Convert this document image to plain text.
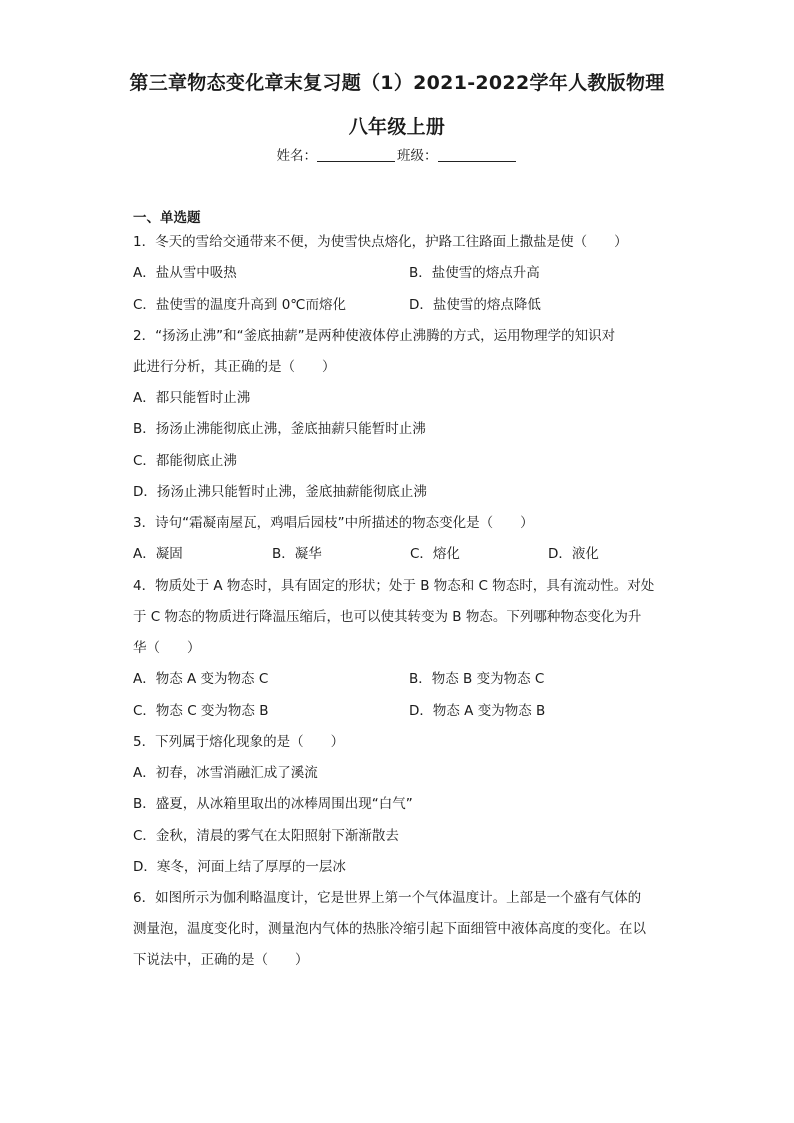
第三章物态变化章末复习题（1）2021-2022学年人教版物理
八年级上册
姓名：	班级：
一、单选题
1．冬天的雪给交通带来不便，为使雪快点熔化，护路工往路面上撒盐是使（　　）
A．盐从雪中吸热	B．盐使雪的熔点升高
C．盐使雪的温度升高到 0℃而熔化	D．盐使雪的熔点降低
2．“扬汤止沸”和“釜底抽薪”是两种使液体停止沸腾的方式，运用物理学的知识对
此进行分析，其正确的是（　　）
A．都只能暂时止沸
B．扬汤止沸能彻底止沸，釜底抽薪只能暂时止沸
C．都能彻底止沸
D．扬汤止沸只能暂时止沸，釜底抽薪能彻底止沸
3．诗句“霜凝南屋瓦，鸡唱后园枝”中所描述的物态变化是（　　）
A．凝固	B．凝华	C．熔化	D．液化
4．物质处于 A 物态时，具有固定的形状；处于 B 物态和 C 物态时，具有流动性。对处
于 C 物态的物质进行降温压缩后，也可以使其转变为 B 物态。下列哪种物态变化为升
华（　　）
A．物态 A 变为物态 C	B．物态 B 变为物态 C
C．物态 C 变为物态 B	D．物态 A 变为物态 B
5．下列属于熔化现象的是（　　）
A．初春，冰雪消融汇成了溪流
B．盛夏，从冰箱里取出的冰棒周围出现“白气”
C．金秋，清晨的雾气在太阳照射下渐渐散去
D．寒冬，河面上结了厚厚的一层冰
6．如图所示为伽利略温度计，它是世界上第一个气体温度计。上部是一个盛有气体的
测量泡，温度变化时，测量泡内气体的热胀冷缩引起下面细管中液体高度的变化。在以
下说法中，正确的是（　　）
